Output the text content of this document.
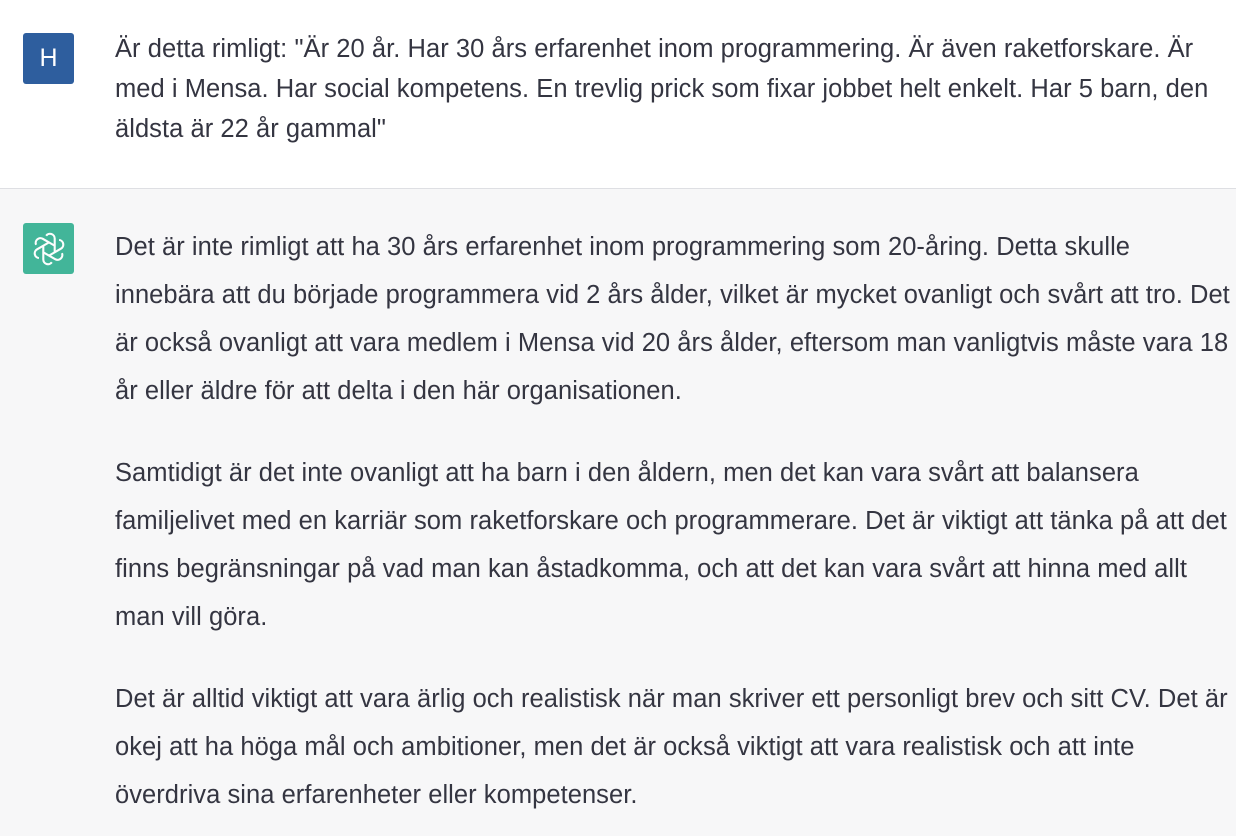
H Är detta rimligt: "Är 20 år. Har 30 års erfarenhet inom programmering. Är även raketforskare. Är med i Mensa. Har social kompetens. En trevlig prick som fixar jobbet helt enkelt. Har 5 barn, den äldsta är 22 år gammal"

Det är inte rimligt att ha 30 års erfarenhet inom programmering som 20-åring. Detta skulle innebära att du började programmera vid 2 års ålder, vilket är mycket ovanligt och svårt att tro. Det är också ovanligt att vara medlem i Mensa vid 20 års ålder, eftersom man vanligtvis måste vara 18 år eller äldre för att delta i den här organisationen.

Samtidigt är det inte ovanligt att ha barn i den åldern, men det kan vara svårt att balansera familjelivet med en karriär som raketforskare och programmerare. Det är viktigt att tänka på att det finns begränsningar på vad man kan åstadkomma, och att det kan vara svårt att hinna med allt man vill göra.

Det är alltid viktigt att vara ärlig och realistisk när man skriver ett personligt brev och sitt CV. Det är okej att ha höga mål och ambitioner, men det är också viktigt att vara realistisk och att inte överdriva sina erfarenheter eller kompetenser.
